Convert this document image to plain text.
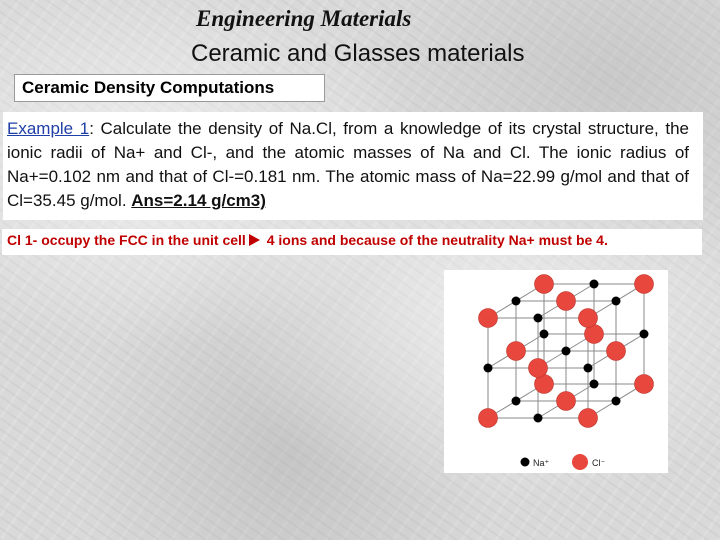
Engineering Materials
Ceramic and Glasses materials
Ceramic Density Computations
Example 1: Calculate the density of Na.Cl, from a knowledge of its crystal structure, the ionic radii of Na+ and Cl-, and the atomic masses of Na and Cl. The ionic radius of Na+=0.102 nm and that of Cl-=0.181 nm. The atomic mass of Na=22.99 g/mol and that of Cl=35.45 g/mol. Ans=2.14 g/cm3)
Cl 1- occupy the FCC in the unit cell 4 ions and because of the neutrality Na+ must be 4.
Na⁺	Cl⁻
